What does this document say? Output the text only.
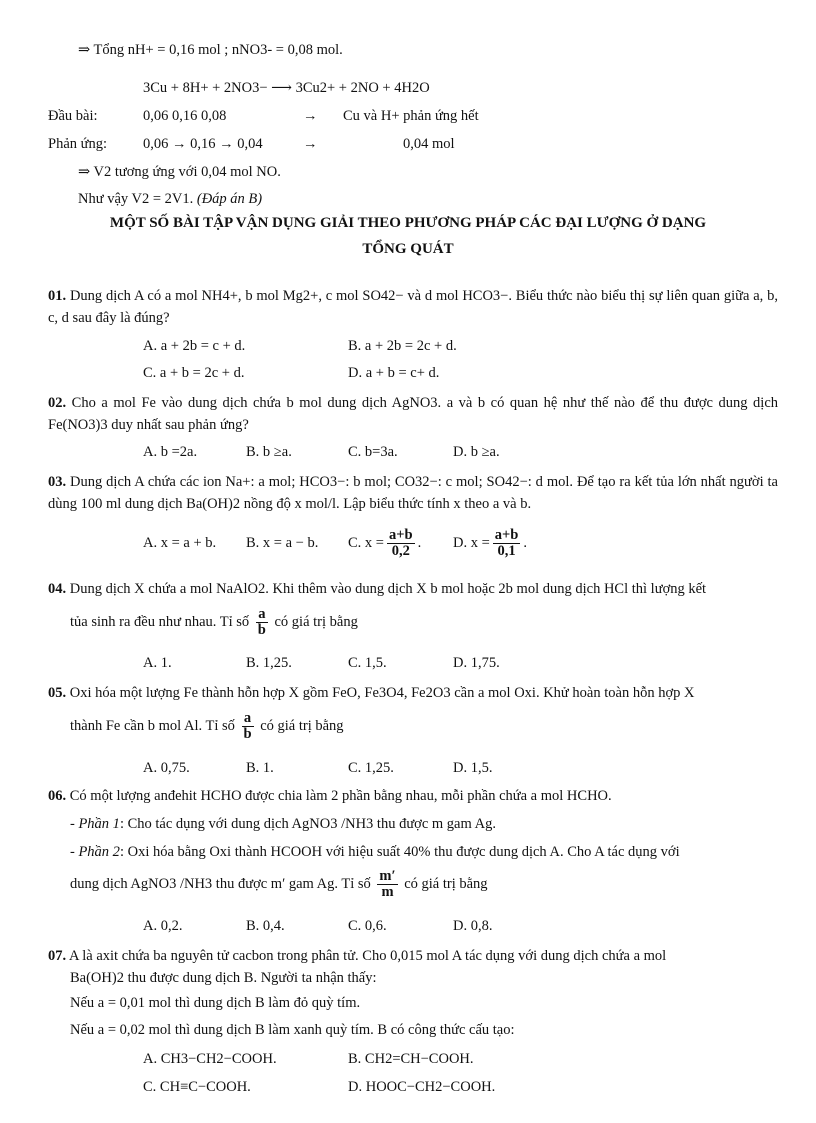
⇒ Tổng nH+ = 0,16 mol ; nNO3- = 0,08 mol.
3Cu + 8H+ + 2NO3− ⟶ 3Cu2+ + 2NO + 4H2O
Đầu bài:	0,06 0,16 0,08	→ Cu và H+ phản ứng hết
Phản ứng: 0,06 → 0,16 → 0,04	→	0,04 mol
⇒ V2 tương ứng với 0,04 mol NO.
Như vậy V2 = 2V1. (Đáp án B)
MỘT SỐ BÀI TẬP VẬN DỤNG GIẢI THEO PHƯƠNG PHÁP CÁC ĐẠI LƯỢNG Ở DẠNG
TỔNG QUÁT
01. Dung dịch A có a mol NH4+, b mol Mg2+, c mol SO42− và d mol HCO3−. Biểu thức nào biểu thị sự liên quan giữa a, b, c, d sau đây là đúng?
A. a + 2b = c + d.	B. a + 2b = 2c + d.
C. a + b = 2c + d.	D. a + b = c+ d.
02. Cho a mol Fe vào dung dịch chứa b mol dung dịch AgNO3. a và b có quan hệ như thế nào để thu được dung dịch Fe(NO3)3 duy nhất sau phản ứng?
A. b =2a.	B. b ≥a.	C. b=3a.	D. b ≥a.
03. Dung dịch A chứa các ion Na+: a mol; HCO3−: b mol; CO32−: c mol; SO42−: d mol. Để tạo ra kết tủa lớn nhất người ta dùng 100 ml dung dịch Ba(OH)2 nồng độ x mol/l. Lập biểu thức tính x theo a và b.
A. x = a + b. B. x = a − b. C. $x = \frac{a+b}{0,2}$ . D. $x = \frac{a+b}{0,1}$ .
04. Dung dịch X chứa a mol NaAlO2. Khi thêm vào dung dịch X b mol hoặc 2b mol dung dịch HCl thì lượng kết
tủa sinh ra đều như nhau. Tỉ số $\frac{a}{b}$ có giá trị bằng
A. 1.	B. 1,25.	C. 1,5.	D. 1,75.
05. Oxi hóa một lượng Fe thành hỗn hợp X gồm FeO, Fe3O4, Fe2O3 cần a mol Oxi. Khử hoàn toàn hỗn hợp X
thành Fe cần b mol Al. Tỉ số $\frac{a}{b}$ có giá trị bằng
A. 0,75.	B. 1.	C. 1,25.	D. 1,5.
06. Có một lượng anđehit HCHO được chia làm 2 phần bằng nhau, mỗi phần chứa a mol HCHO.
- Phần 1: Cho tác dụng với dung dịch AgNO3 /NH3 thu được m gam Ag.
- Phần 2: Oxi hóa bằng Oxi thành HCOOH với hiệu suất 40% thu được dung dịch A. Cho A tác dụng với
dung dịch AgNO3 /NH3 thu được m′ gam Ag. Tỉ số $\frac{m'}{m}$ có giá trị bằng
A. 0,2.	B. 0,4.	C. 0,6.	D. 0,8.
07. A là axit chứa ba nguyên tử cacbon trong phân tử. Cho 0,015 mol A tác dụng với dung dịch chứa a mol
Ba(OH)2 thu được dung dịch B. Người ta nhận thấy:
Nếu a = 0,01 mol thì dung dịch B làm đỏ quỳ tím.
Nếu a = 0,02 mol thì dung dịch B làm xanh quỳ tím. B có công thức cấu tạo:
A. CH3−CH2−COOH.	B. CH2=CH−COOH.
C. CH≡C−COOH.	D. HOOC−CH2−COOH.
